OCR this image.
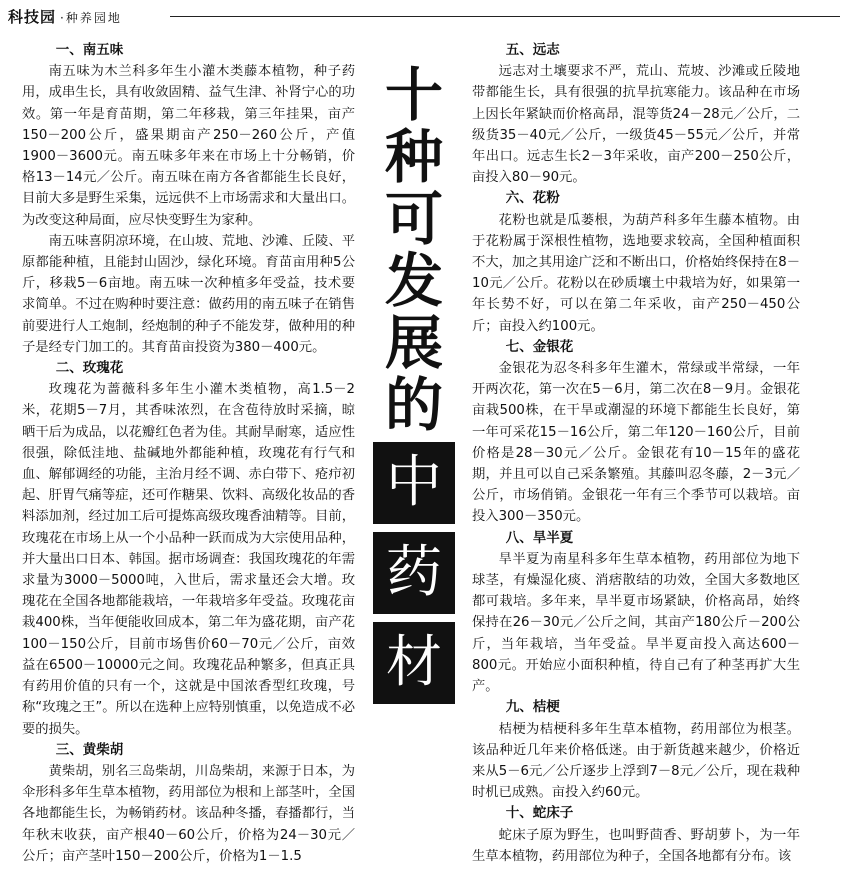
科技园 ·种养园地
一、南五味

南五味为木兰科多年生小灌木类藤本植物，种子药用，成串生长，具有收敛固精、益气生津、补肾宁心的功效。第一年是育苗期，第二年移栽，第三年挂果，亩产150－200公斤，盛果期亩产250－260公斤，产值1900－3600元。南五味多年来在市场上十分畅销，价格13－14元／公斤。南五味在南方各省都能生长良好，目前大多是野生采集，远远供不上市场需求和大量出口。为改变这种局面，应尽快变野生为家种。

南五味喜阴凉环境，在山坡、荒地、沙滩、丘陵、平原都能种植，且能封山固沙，绿化环境。育苗亩用种5公斤，移栽5－6亩地。南五味一次种植多年受益，技术要求简单。不过在购种时要注意：做药用的南五味子在销售前要进行人工炮制，经炮制的种子不能发芽，做种用的种子是经专门加工的。其育苗亩投资为380－400元。

二、玫瑰花

玫瑰花为蔷薇科多年生小灌木类植物，高1.5－2米，花期5－7月，其香味浓烈，在含苞待放时采摘，晾晒干后为成品，以花瓣红色者为佳。其耐旱耐寒，适应性很强，除低洼地、盐碱地外都能种植，玫瑰花有行气和血、解郁调经的功能，主治月经不调、赤白带下、疮疖初起、肝胃气痛等症，还可作糖果、饮料、高级化妆品的香料添加剂，经过加工后可提炼高级玫瑰香油精等。目前，玫瑰花在市场上从一个小品种一跃而成为大宗使用品种，并大量出口日本、韩国。据市场调查：我国玫瑰花的年需求量为3000－5000吨，入世后，需求量还会大增。玫瑰花在全国各地都能栽培，一年栽培多年受益。玫瑰花亩栽400株，当年便能收回成本，第二年为盛花期，亩产花100－150公斤，目前市场售价60－70元／公斤，亩效益在6500－10000元之间。玫瑰花品种繁多，但真正具有药用价值的只有一个，这就是中国浓香型红玫瑰，号称“玫瑰之王”。所以在选种上应特别慎重，以免造成不必要的损失。

三、黄柴胡

黄柴胡，别名三岛柴胡，川岛柴胡，来源于日本，为伞形科多年生草本植物，药用部位为根和上部茎叶，全国各地都能生长，为畅销药材。该品种冬播，春播都行，当年秋末收获，亩产根40－60公斤，价格为24－30元／公斤；亩产茎叶150－200公斤，价格为1－1.5

十
种
可
发
展
的
中
药
材
五、远志

远志对土壤要求不严，荒山、荒坡、沙滩或丘陵地带都能生长，具有很强的抗旱抗寒能力。该品种在市场上因长年紧缺而价格高昂，混等货24－28元／公斤，二级货35－40元／公斤，一级货45－55元／公斤，并常年出口。远志生长2－3年采收，亩产200－250公斤，亩投入80－90元。

六、花粉

花粉也就是瓜蒌根，为葫芦科多年生藤本植物。由于花粉属于深根性植物，选地要求较高，全国种植面积不大，加之其用途广泛和不断出口，价格始终保持在8－10元／公斤。花粉以在砂质壤土中栽培为好，如果第一年长势不好，可以在第二年采收，亩产250－450公斤；亩投入约100元。

七、金银花

金银花为忍冬科多年生灌木，常绿或半常绿，一年开两次花，第一次在5－6月，第二次在8－9月。金银花亩栽500株，在干旱或潮湿的环境下都能生长良好，第一年可采花15－16公斤，第二年120－160公斤，目前价格是28－30元／公斤。金银花有10－15年的盛花期，并且可以自己采条繁殖。其藤叫忍冬藤，2－3元／公斤，市场俏销。金银花一年有三个季节可以栽培。亩投入300－350元。

八、旱半夏

旱半夏为南星科多年生草本植物，药用部位为地下球茎，有燥湿化痰、消痞散结的功效，全国大多数地区都可栽培。多年来，旱半夏市场紧缺，价格高昂，始终保持在26－30元／公斤之间，其亩产180公斤－200公斤，当年栽培，当年受益。旱半夏亩投入高达600－800元。开始应小面积种植，待自己有了种茎再扩大生产。

九、桔梗

桔梗为桔梗科多年生草本植物，药用部位为根茎。该品种近几年来价格低迷。由于新货越来越少，价格近来从5－6元／公斤逐步上浮到7－8元／公斤，现在栽种时机已成熟。亩投入约60元。

十、蛇床子

蛇床子原为野生，也叫野茴香、野胡萝卜，为一年生草本植物，药用部位为种子，全国各地都有分布。该
